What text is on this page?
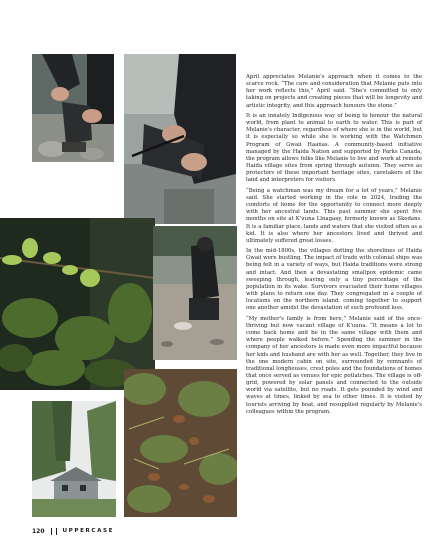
April appreciates Melanie's approach when it comes to the scarce rock. “The care and consideration that Melanie puts into her work reflects this,” April said. “She's committed to only taking on projects and creating pieces that will be longevity and artistic integrity, and this approach honours the stone.”

It is an innately Indigenous way of being to honour the natural world, from plant to animal to earth to water. This is part of Melanie's character, regardless of where she is in the world, but it is especially so while she is working with the Watchmen Program of Gwaii Haanas. A community-based initiative managed by the Haida Nation and supported by Parks Canada, the program allows folks like Melanie to live and work at remote Haida village sites from spring through autumn. They serve as protectors of these important heritage sites, caretakers of the land and interpreters for visitors.

“Being a watchman was my dream for a lot of years,” Melanie said. She started working in the role in 2024, trading the comforts of home for the opportunity to connect more deeply with her ancestral lands. This past summer she spent five months on site at K'uuna Llnagaay, formerly known as Skedans. It is a familiar place, lands and waters that she visited often as a kid. It is also where her ancestors lived and thrived and ultimately suffered great losses.

In the mid-1800s, the villages dotting the shorelines of Haida Gwaii were bustling. The impact of trade with colonial ships was being felt in a variety of ways, but Haida traditions were strong and intact. And then a devastating smallpox epidemic came sweeping through, leaving only a tiny percentage of the population in its wake. Survivors evacuated their home villages with plans to return one day. They congregated in a couple of locations on the northern island, coming together to support one another amidst the devastation of such profound loss.

“My mother's family is from here,” Melanie said of the once-thriving but now vacant village of K'uuna. “It means a lot to come back home and be in the same village with them and where people walked before.” Spending the summer in the company of her ancestors is made even more impactful because her kids and husband are with her as well. Together, they live in the one modern cabin on site, surrounded by remnants of traditional longhouses, crest poles and the foundations of homes that once served as venues for epic potlatches. The village is off-grid, powered by solar panels and connected to the outside world via satellite, but no roads. It gets pounded by wind and waves at times, linked by sea to other times. It is visited by tourists arriving by boat, and resupplied regularly by Melanie's colleagues within the program.

120	UPPERCASE
